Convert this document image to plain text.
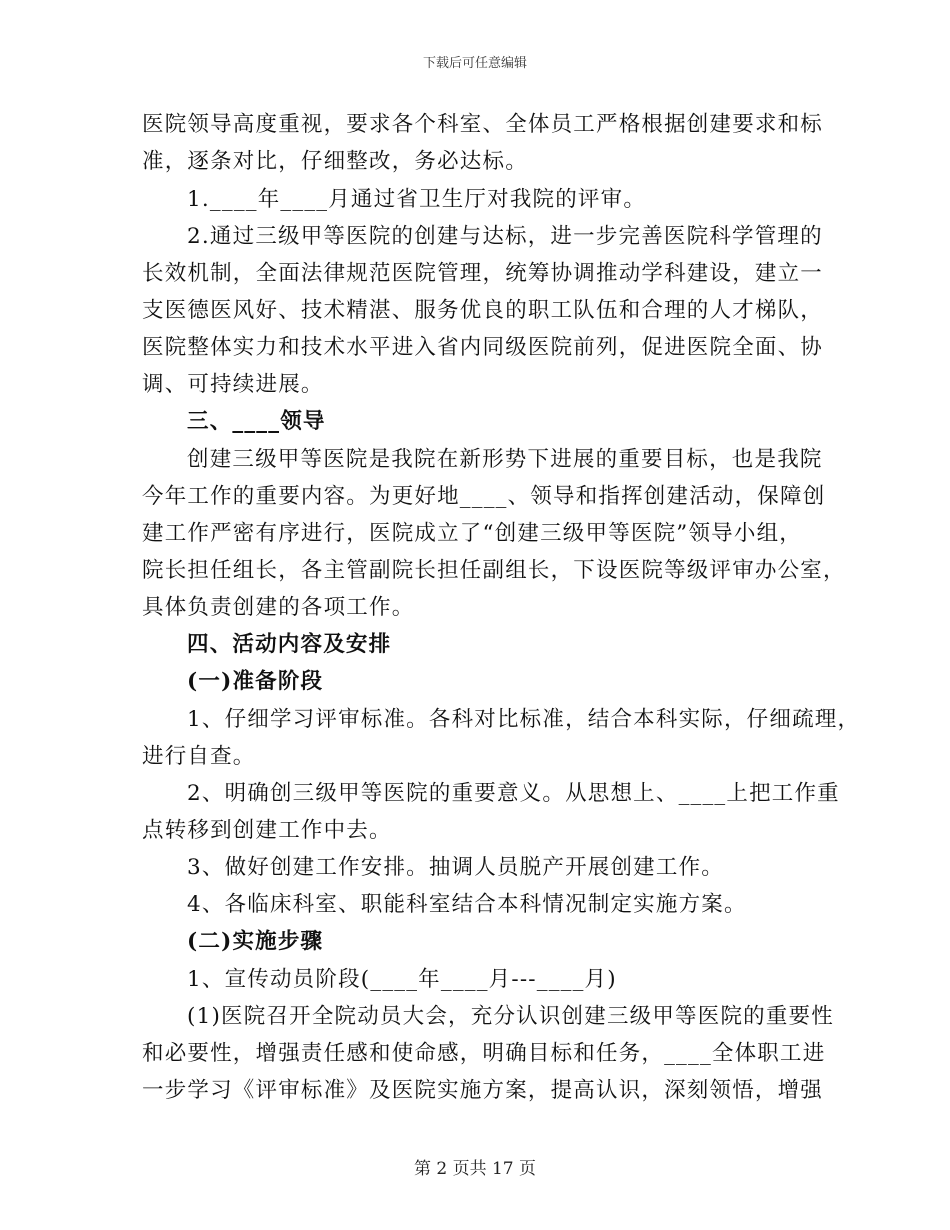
下载后可任意编辑
医院领导高度重视，要求各个科室、全体员工严格根据创建要求和标
准，逐条对比，仔细整改，务必达标。
1.____年____月通过省卫生厅对我院的评审。
2.通过三级甲等医院的创建与达标，进一步完善医院科学管理的
长效机制，全面法律规范医院管理，统筹协调推动学科建设，建立一
支医德医风好、技术精湛、服务优良的职工队伍和合理的人才梯队，
医院整体实力和技术水平进入省内同级医院前列，促进医院全面、协
调、可持续进展。
三、____领导
创建三级甲等医院是我院在新形势下进展的重要目标，也是我院
今年工作的重要内容。为更好地____、领导和指挥创建活动，保障创
建工作严密有序进行，医院成立了“创建三级甲等医院”领导小组，
院长担任组长，各主管副院长担任副组长，下设医院等级评审办公室，
具体负责创建的各项工作。
四、活动内容及安排
(一)准备阶段
1、仔细学习评审标准。各科对比标准，结合本科实际，仔细疏理，
进行自查。
2、明确创三级甲等医院的重要意义。从思想上、____上把工作重
点转移到创建工作中去。
3、做好创建工作安排。抽调人员脱产开展创建工作。
4、各临床科室、职能科室结合本科情况制定实施方案。
(二)实施步骤
1、宣传动员阶段(____年____月---____月)
(1)医院召开全院动员大会，充分认识创建三级甲等医院的重要性
和必要性，增强责任感和使命感，明确目标和任务，____全体职工进
一步学习《评审标准》及医院实施方案，提高认识，深刻领悟，增强
第 2 页共 17 页
